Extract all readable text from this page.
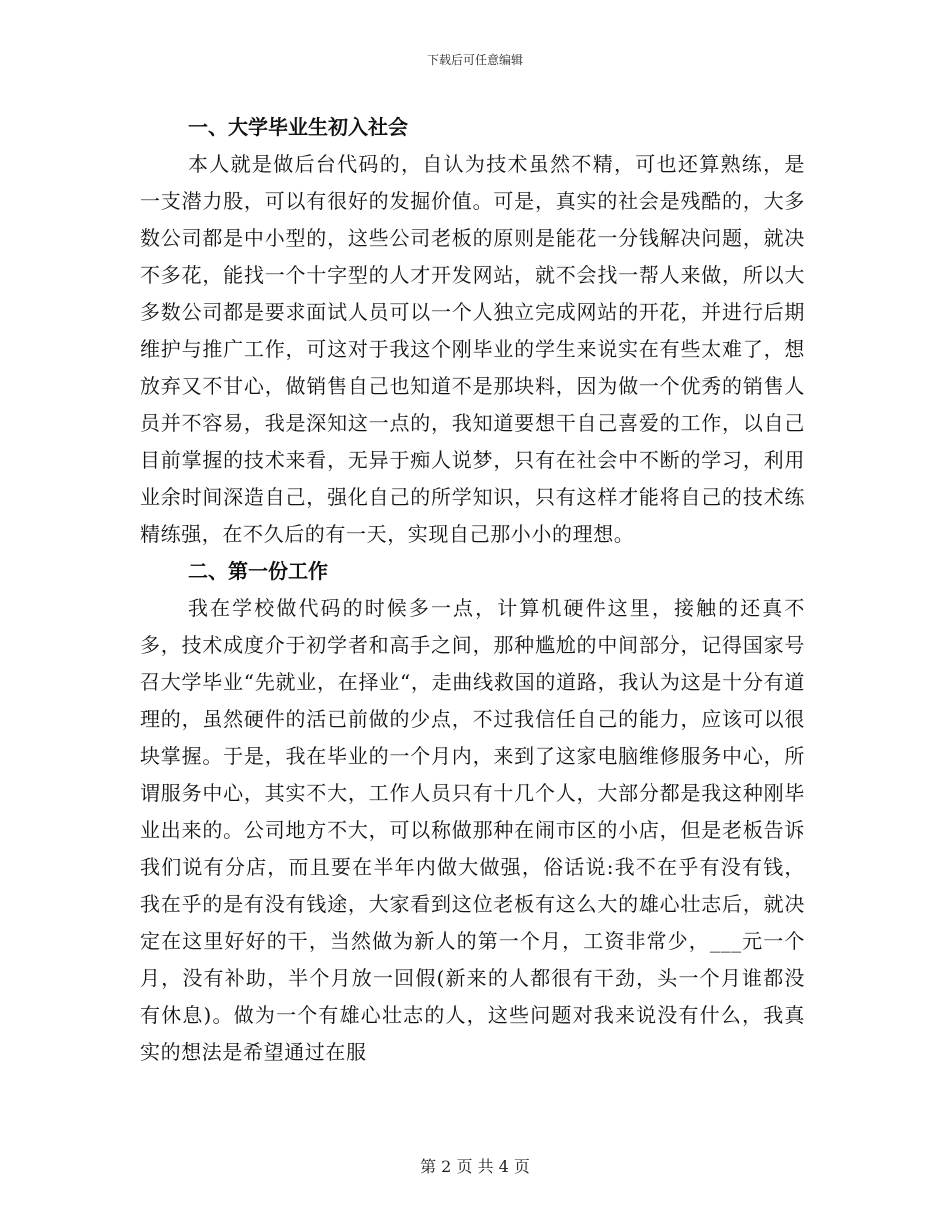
下载后可任意编辑
一、大学毕业生初入社会

本人就是做后台代码的，自认为技术虽然不精，可也还算熟练，是一支潜力股，可以有很好的发掘价值。可是，真实的社会是残酷的，大多数公司都是中小型的，这些公司老板的原则是能花一分钱解决问题，就决不多花，能找一个十字型的人才开发网站，就不会找一帮人来做，所以大多数公司都是要求面试人员可以一个人独立完成网站的开花，并进行后期维护与推广工作，可这对于我这个刚毕业的学生来说实在有些太难了，想放弃又不甘心，做销售自己也知道不是那块料，因为做一个优秀的销售人员并不容易，我是深知这一点的，我知道要想干自己喜爱的工作，以自己目前掌握的技术来看，无异于痴人说梦，只有在社会中不断的学习，利用业余时间深造自己，强化自己的所学知识，只有这样才能将自己的技术练精练强，在不久后的有一天，实现自己那小小的理想。

二、第一份工作

我在学校做代码的时候多一点，计算机硬件这里，接触的还真不多，技术成度介于初学者和高手之间，那种尴尬的中间部分，记得国家号召大学毕业“先就业，在择业“，走曲线救国的道路，我认为这是十分有道理的，虽然硬件的活已前做的少点，不过我信任自己的能力，应该可以很块掌握。于是，我在毕业的一个月内，来到了这家电脑维修服务中心，所谓服务中心，其实不大，工作人员只有十几个人，大部分都是我这种刚毕业出来的。公司地方不大，可以称做那种在闹市区的小店，但是老板告诉我们说有分店，而且要在半年内做大做强，俗话说:我不在乎有没有钱，我在乎的是有没有钱途，大家看到这位老板有这么大的雄心壮志后，就决定在这里好好的干，当然做为新人的第一个月，工资非常少，___元一个月，没有补助，半个月放一回假(新来的人都很有干劲，头一个月谁都没有休息)。做为一个有雄心壮志的人，这些问题对我来说没有什么，我真实的想法是希望通过在服

第 2 页 共 4 页
